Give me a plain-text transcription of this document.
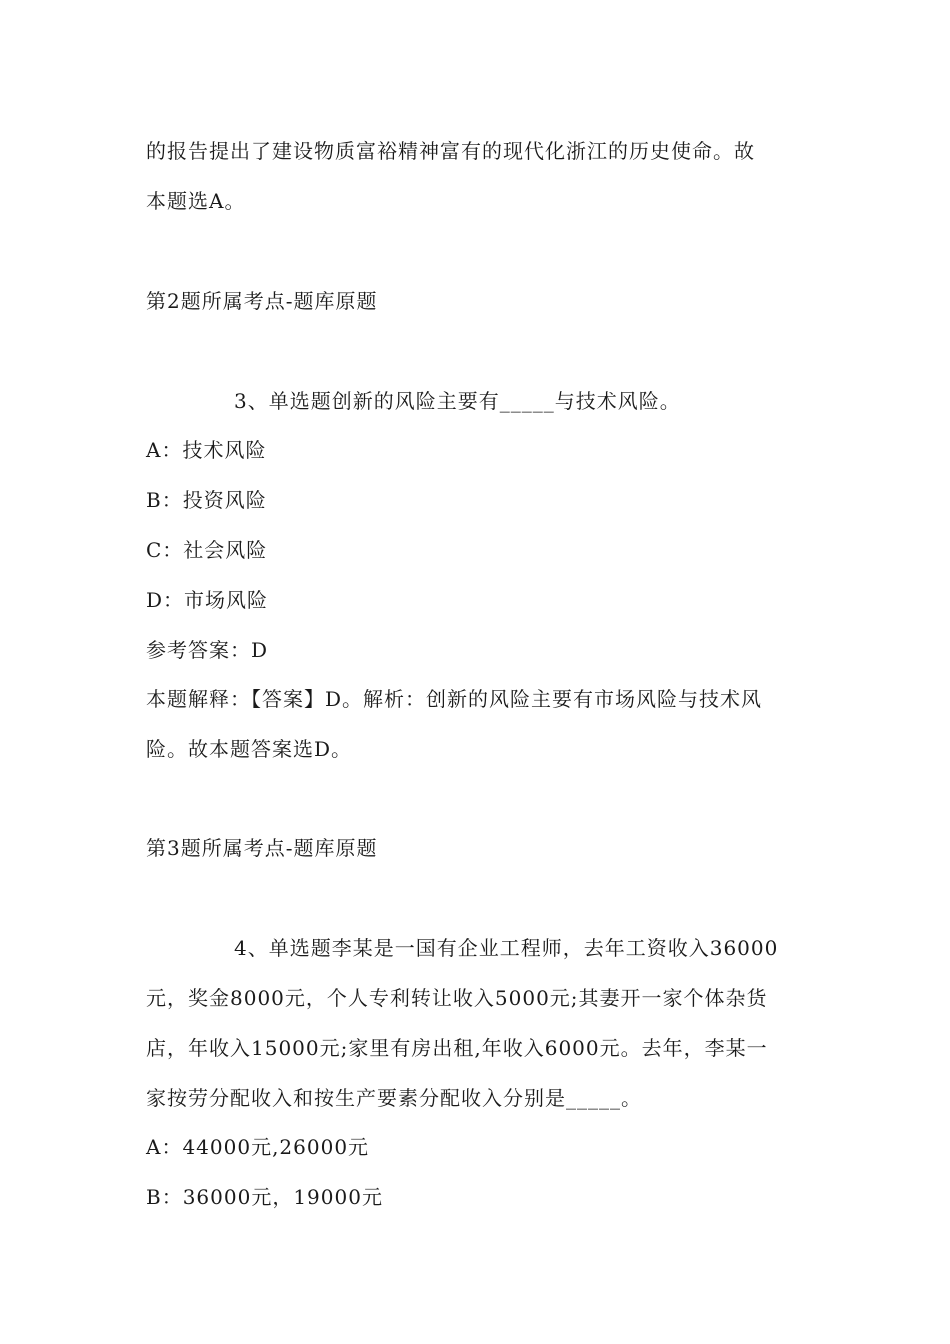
的报告提出了建设物质富裕精神富有的现代化浙江的历史使命。故
本题选A。
第2题所属考点-题库原题
3、单选题创新的风险主要有_____与技术风险。
A：技术风险
B：投资风险
C：社会风险
D：市场风险
参考答案：D
本题解释：【答案】D。解析：创新的风险主要有市场风险与技术风
险。故本题答案选D。
第3题所属考点-题库原题
4、单选题李某是一国有企业工程师，去年工资收入36000
元，奖金8000元，个人专利转让收入5000元;其妻开一家个体杂货
店，年收入15000元;家里有房出租,年收入6000元。去年，李某一
家按劳分配收入和按生产要素分配收入分别是_____。
A：44000元,26000元
B：36000元，19000元
